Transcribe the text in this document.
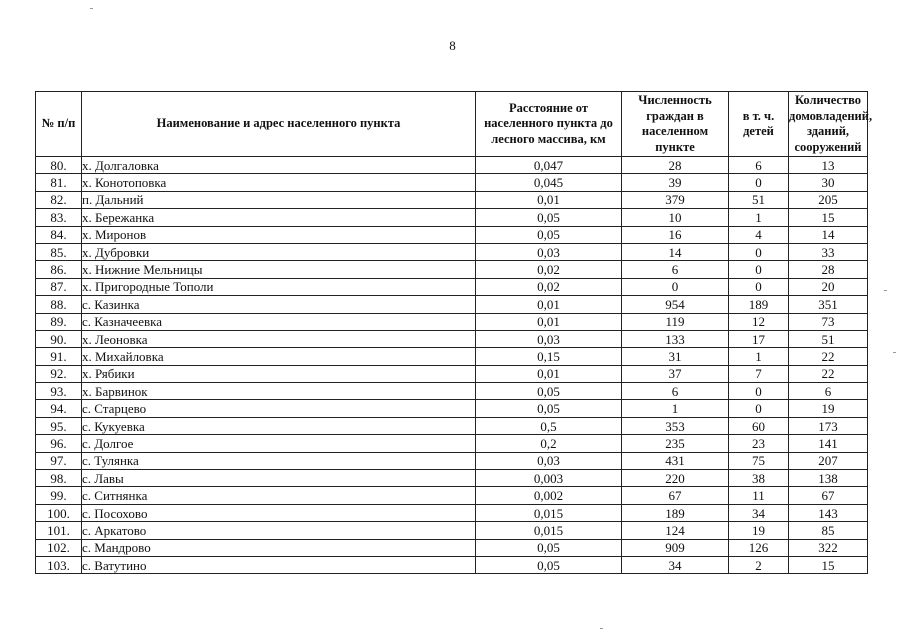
8
№ п/п	Наименование и адрес населенного пункта	Расстояние от населенного пункта до лесного массива, км	Численность граждан в населенном пункте	в т. ч. детей	Количество домовладений, зданий, сооружений
80.	х. Долгаловка	0,047	28	6	13
81.	х. Конотоповка	0,045	39	0	30
82.	п. Дальний	0,01	379	51	205
83.	х. Бережанка	0,05	10	1	15
84.	х. Миронов	0,05	16	4	14
85.	х. Дубровки	0,03	14	0	33
86.	х. Нижние Мельницы	0,02	6	0	28
87.	х. Пригородные Тополи	0,02	0	0	20
88.	с. Казинка	0,01	954	189	351
89.	с. Казначеевка	0,01	119	12	73
90.	х. Леоновка	0,03	133	17	51
91.	х. Михайловка	0,15	31	1	22
92.	х. Рябики	0,01	37	7	22
93.	х. Барвинок	0,05	6	0	6
94.	с. Старцево	0,05	1	0	19
95.	с. Кукуевка	0,5	353	60	173
96.	с. Долгое	0,2	235	23	141
97.	с. Тулянка	0,03	431	75	207
98.	с. Лавы	0,003	220	38	138
99.	с. Ситнянка	0,002	67	11	67
100.	с. Посохово	0,015	189	34	143
101.	с. Аркатово	0,015	124	19	85
102.	с. Мандрово	0,05	909	126	322
103.	с. Ватутино	0,05	34	2	15
